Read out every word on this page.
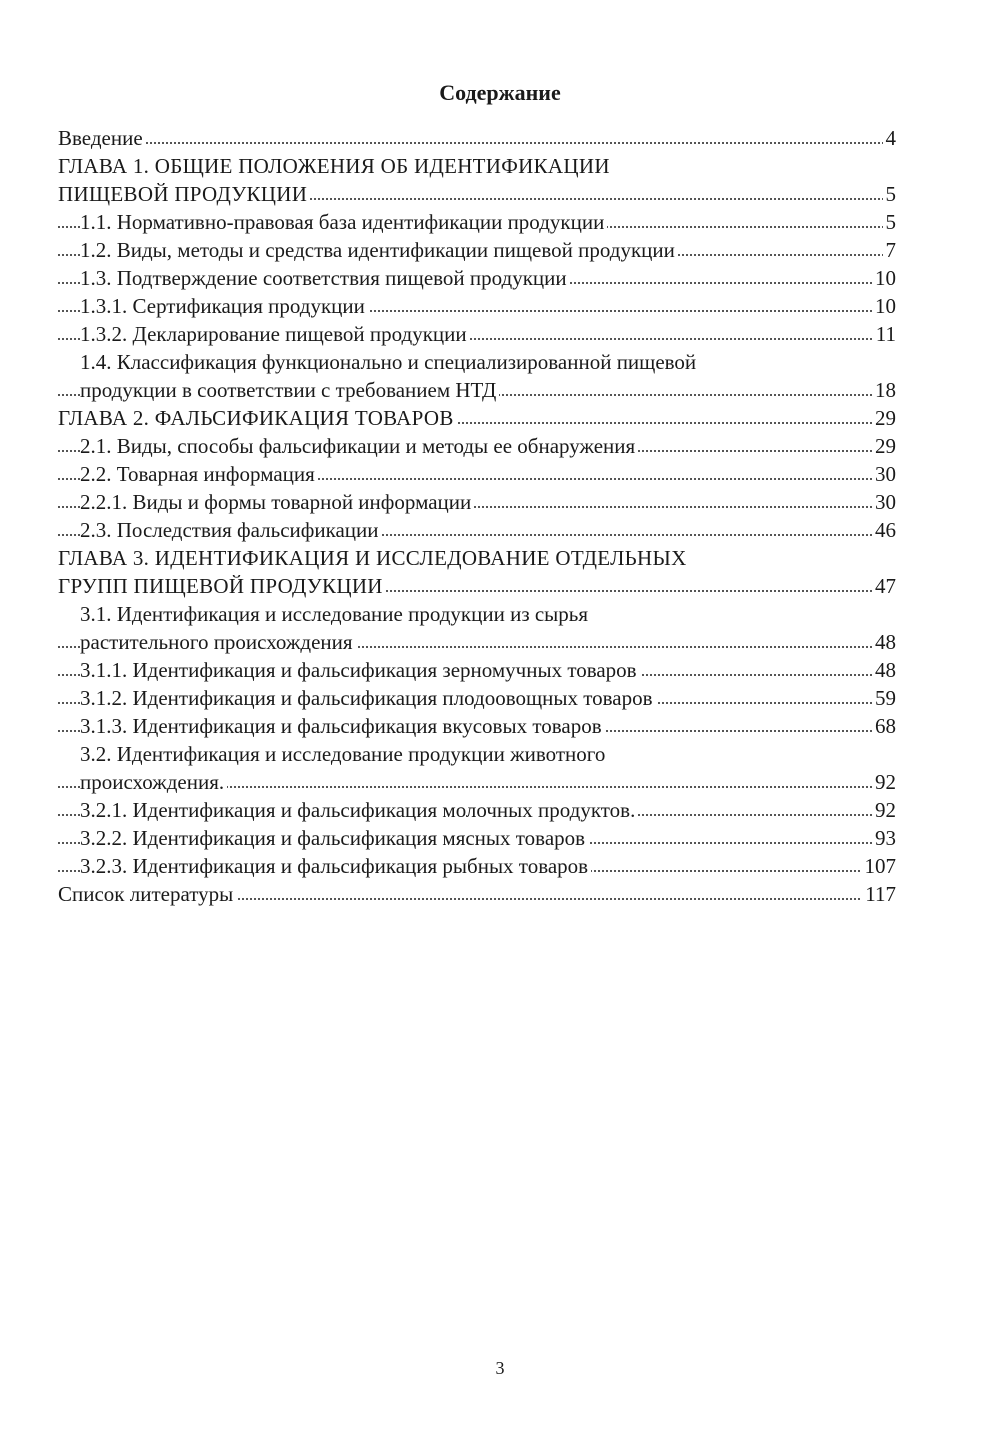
Содержание
Введение	4
ГЛАВА 1. ОБЩИЕ ПОЛОЖЕНИЯ ОБ ИДЕНТИФИКАЦИИ
ПИЩЕВОЙ ПРОДУКЦИИ	5
1.1. Нормативно-правовая база идентификации продукции	5
1.2. Виды, методы и средства идентификации пищевой продукции	7
1.3. Подтверждение соответствия пищевой продукции	10
1.3.1. Сертификация продукции	10
1.3.2. Декларирование пищевой продукции	11
1.4. Классификация функционально и специализированной пищевой
продукции в соответствии с требованием НТД	18
ГЛАВА 2. ФАЛЬСИФИКАЦИЯ ТОВАРОВ	29
2.1. Виды, способы фальсификации и методы ее обнаружения	29
2.2. Товарная информация	30
2.2.1. Виды и формы товарной информации	30
2.3. Последствия фальсификации	46
ГЛАВА 3. ИДЕНТИФИКАЦИЯ И ИССЛЕДОВАНИЕ ОТДЕЛЬНЫХ
ГРУПП ПИЩЕВОЙ ПРОДУКЦИИ	47
3.1. Идентификация и исследование продукции из сырья
растительного происхождения	48
3.1.1. Идентификация и фальсификация зерномучных товаров	48
3.1.2. Идентификация и фальсификация плодоовощных товаров	59
3.1.3. Идентификация и фальсификация вкусовых товаров	68
3.2. Идентификация и исследование продукции животного
происхождения.	92
3.2.1. Идентификация и фальсификация молочных продуктов.	92
3.2.2. Идентификация и фальсификация мясных товаров	93
3.2.3. Идентификация и фальсификация рыбных товаров	107
Список литературы	117
3
